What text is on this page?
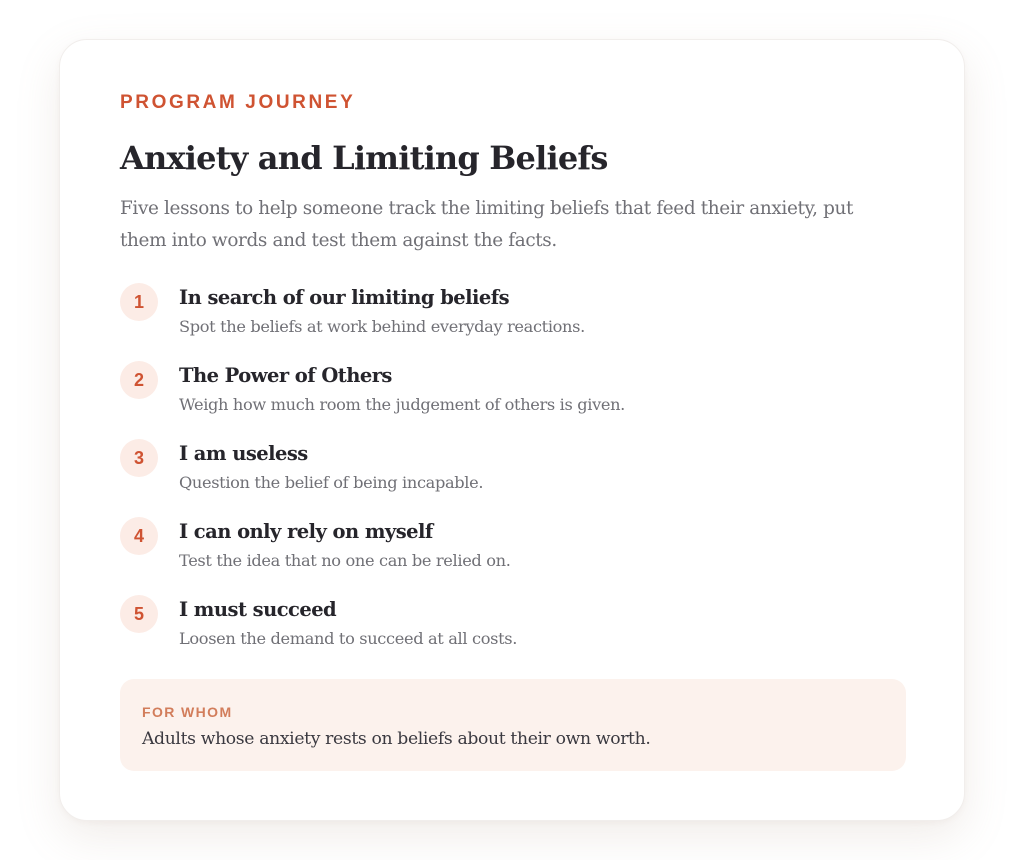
PROGRAM JOURNEY

Anxiety and Limiting Beliefs

Five lessons to help someone track the limiting beliefs that feed their anxiety, put them into words and test them against the facts.

1	In search of our limiting beliefs

Spot the beliefs at work behind everyday reactions.

2	The Power of Others

Weigh how much room the judgement of others is given.

3	I am useless

Question the belief of being incapable.

4	I can only rely on myself

Test the idea that no one can be relied on.

5	I must succeed

Loosen the demand to succeed at all costs.

FOR WHOM

Adults whose anxiety rests on beliefs about their own worth.
